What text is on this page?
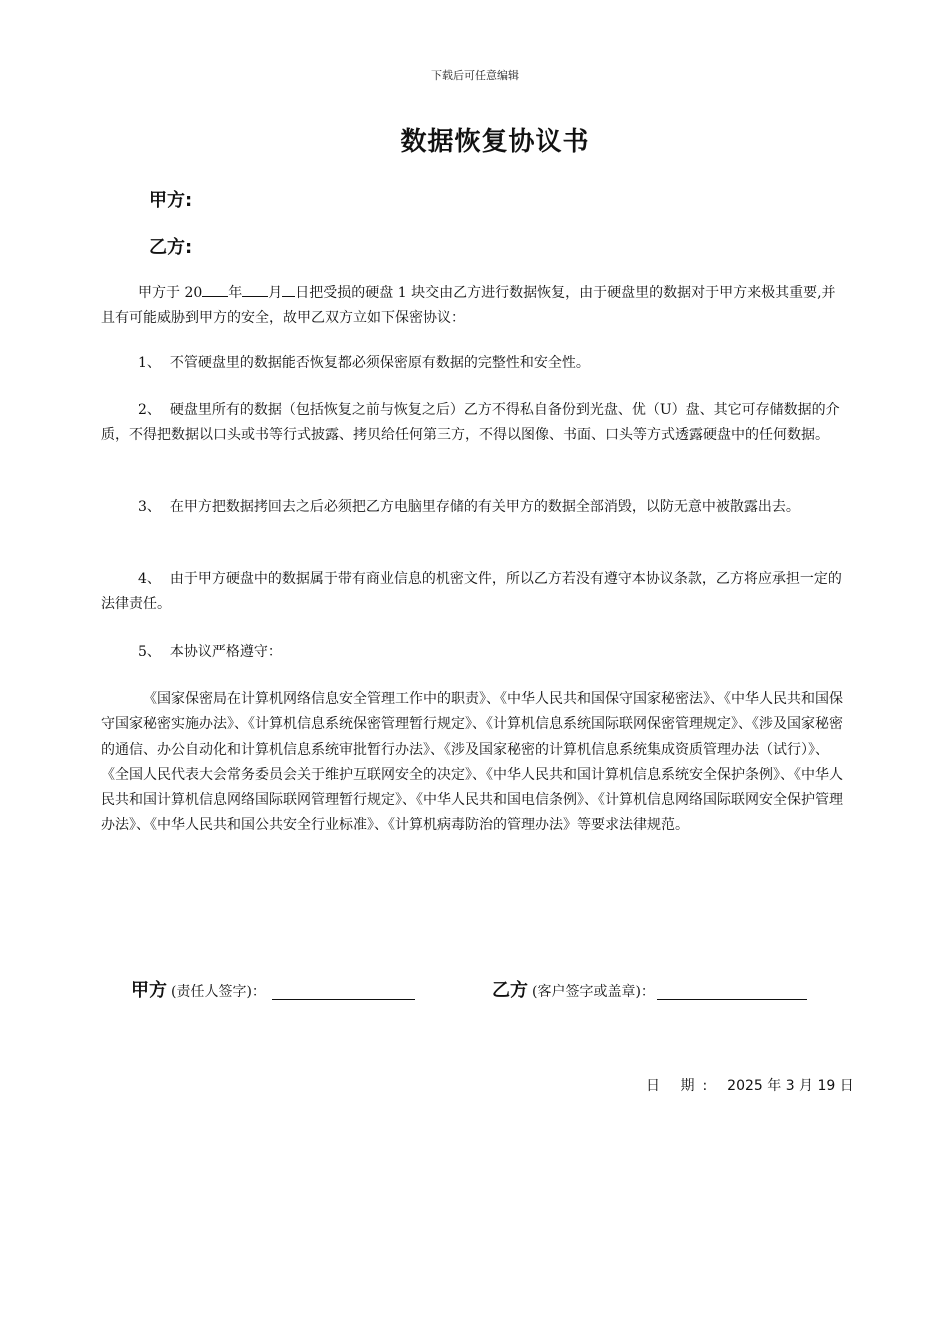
下载后可任意编辑
数据恢复协议书
甲方:
乙方:
甲方于 20 年 月 日把受损的硬盘 1 块交由乙方进行数据恢复，由于硬盘里的数据对于甲方来极其重要,并且有可能威胁到甲方的安全，故甲乙双方立如下保密协议：
1、 不管硬盘里的数据能否恢复都必须保密原有数据的完整性和安全性。
2、 硬盘里所有的数据（包括恢复之前与恢复之后）乙方不得私自备份到光盘、优（U）盘、其它可存储数据的介质，不得把数据以口头或书等行式披露、拷贝给任何第三方，不得以图像、书面、口头等方式透露硬盘中的任何数据。
3、 在甲方把数据拷回去之后必须把乙方电脑里存储的有关甲方的数据全部消毁，以防无意中被散露出去。
4、 由于甲方硬盘中的数据属于带有商业信息的机密文件，所以乙方若没有遵守本协议条款，乙方将应承担一定的法律责任。
5、 本协议严格遵守：
《国家保密局在计算机网络信息安全管理工作中的职责》、《中华人民共和国保守国家秘密法》、《中华人民共和国保守国家秘密实施办法》、《计算机信息系统保密管理暂行规定》、《计算机信息系统国际联网保密管理规定》、《涉及国家秘密的通信、办公自动化和计算机信息系统审批暂行办法》、《涉及国家秘密的计算机信息系统集成资质管理办法（试行）》、《全国人民代表大会常务委员会关于维护互联网安全的决定》、《中华人民共和国计算机信息系统安全保护条例》、《中华人民共和国计算机信息网络国际联网管理暂行规定》、《中华人民共和国电信条例》、《计算机信息网络国际联网安全保护管理办法》、《中华人民共和国公共安全行业标准》、《计算机病毒防治的管理办法》等要求法律规范。
甲方 (责任人签字)：	乙方 (客户签字或盖章)：
日 期: 2025 年 3 月 19 日
